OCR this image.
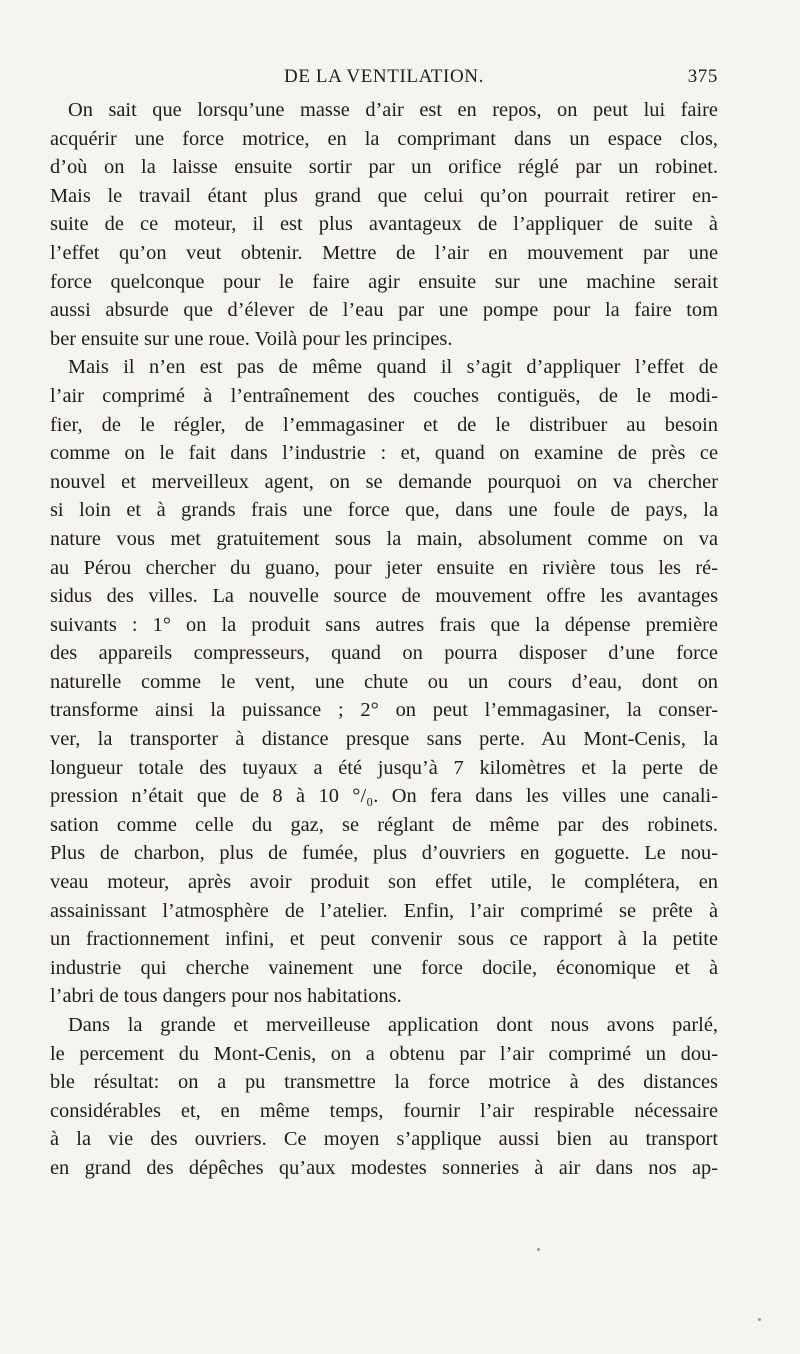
DE LA VENTILATION.	375
On sait que lorsqu’une masse d’air est en repos, on peut lui faire
acquérir une force motrice, en la comprimant dans un espace clos,
d’où on la laisse ensuite sortir par un orifice réglé par un robinet.
Mais le travail étant plus grand que celui qu’on pourrait retirer en-
suite de ce moteur, il est plus avantageux de l’appliquer de suite à
l’effet qu’on veut obtenir. Mettre de l’air en mouvement par une
force quelconque pour le faire agir ensuite sur une machine serait
aussi absurde que d’élever de l’eau par une pompe pour la faire tom
ber ensuite sur une roue. Voilà pour les principes.
Mais il n’en est pas de même quand il s’agit d’appliquer l’effet de
l’air comprimé à l’entraînement des couches contiguës, de le modi-
fier, de le régler, de l’emmagasiner et de le distribuer au besoin
comme on le fait dans l’industrie : et, quand on examine de près ce
nouvel et merveilleux agent, on se demande pourquoi on va chercher
si loin et à grands frais une force que, dans une foule de pays, la
nature vous met gratuitement sous la main, absolument comme on va
au Pérou chercher du guano, pour jeter ensuite en rivière tous les ré-
sidus des villes. La nouvelle source de mouvement offre les avantages
suivants : 1° on la produit sans autres frais que la dépense première
des appareils compresseurs, quand on pourra disposer d’une force
naturelle comme le vent, une chute ou un cours d’eau, dont on
transforme ainsi la puissance ; 2° on peut l’emmagasiner, la conser-
ver, la transporter à distance presque sans perte. Au Mont-Cenis, la
longueur totale des tuyaux a été jusqu’à 7 kilomètres et la perte de
pression n’était que de 8 à 10 °/₀. On fera dans les villes une canali-
sation comme celle du gaz, se réglant de même par des robinets.
Plus de charbon, plus de fumée, plus d’ouvriers en goguette. Le nou-
veau moteur, après avoir produit son effet utile, le complétera, en
assainissant l’atmosphère de l’atelier. Enfin, l’air comprimé se prête à
un fractionnement infini, et peut convenir sous ce rapport à la petite
industrie qui cherche vainement une force docile, économique et à
l’abri de tous dangers pour nos habitations.
Dans la grande et merveilleuse application dont nous avons parlé,
le percement du Mont-Cenis, on a obtenu par l’air comprimé un dou-
ble résultat: on a pu transmettre la force motrice à des distances
considérables et, en même temps, fournir l’air respirable nécessaire
à la vie des ouvriers. Ce moyen s’applique aussi bien au transport
en grand des dépêches qu’aux modestes sonneries à air dans nos ap-
